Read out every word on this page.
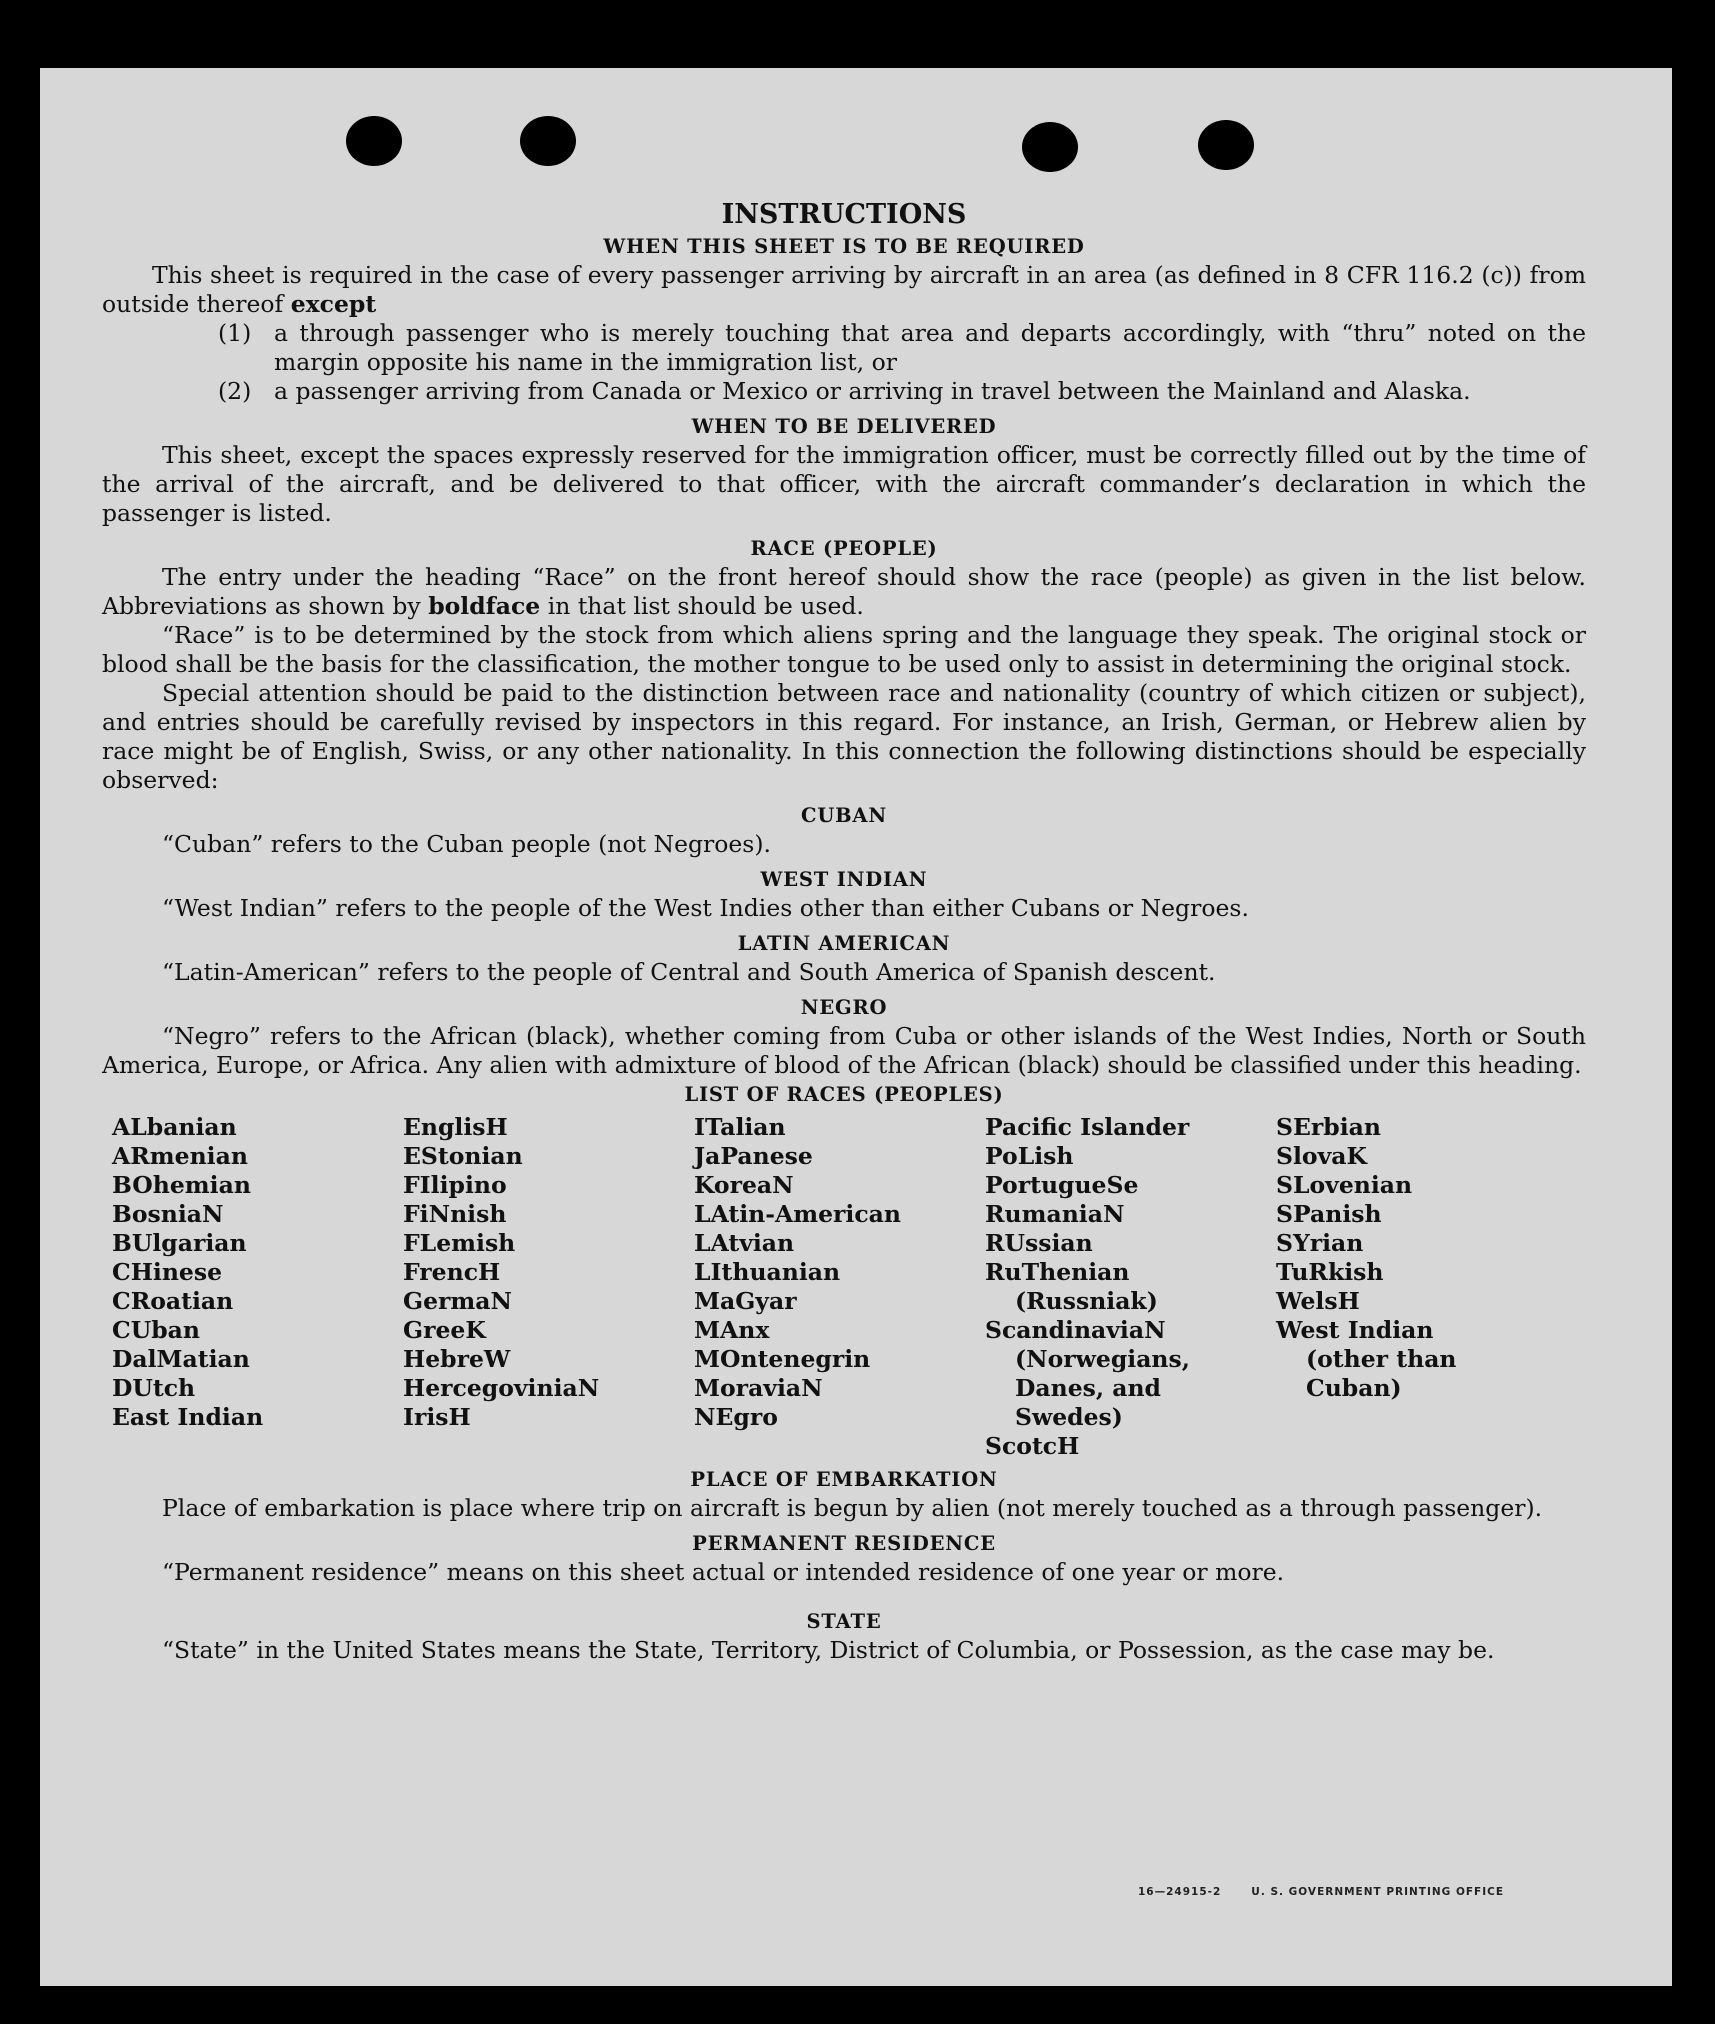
INSTRUCTIONS
WHEN THIS SHEET IS TO BE REQUIRED

This sheet is required in the case of every passenger arriving by aircraft in an area (as defined in 8 CFR 116.2 (c)) from outside thereof except

(1) a through passenger who is merely touching that area and departs accordingly, with “thru” noted on the margin opposite his name in the immigration list, or
(2) a passenger arriving from Canada or Mexico or arriving in travel between the Mainland and Alaska.
WHEN TO BE DELIVERED

This sheet, except the spaces expressly reserved for the immigration officer, must be correctly filled out by the time of the arrival of the aircraft, and be delivered to that officer, with the aircraft commander’s declaration in which the passenger is listed.

RACE (PEOPLE)

The entry under the heading “Race” on the front hereof should show the race (people) as given in the list below. Abbreviations as shown by boldface in that list should be used.

“Race” is to be determined by the stock from which aliens spring and the language they speak. The original stock or blood shall be the basis for the classification, the mother tongue to be used only to assist in determining the original stock.

Special attention should be paid to the distinction between race and nationality (country of which citizen or subject), and entries should be carefully revised by inspectors in this regard. For instance, an Irish, German, or Hebrew alien by race might be of English, Swiss, or any other nationality. In this connection the following distinctions should be especially observed:

CUBAN

“Cuban” refers to the Cuban people (not Negroes).

WEST INDIAN

“West Indian” refers to the people of the West Indies other than either Cubans or Negroes.

LATIN AMERICAN

“Latin-American” refers to the people of Central and South America of Spanish descent.

NEGRO

“Negro” refers to the African (black), whether coming from Cuba or other islands of the West Indies, North or South America, Europe, or Africa. Any alien with admixture of blood of the African (black) should be classified under this heading.

LIST OF RACES (PEOPLES)
ALbanian
ARmenian
BOhemian
BosniaN
BUlgarian
CHinese
CRoatian
CUban
DalMatian
DUtch
East Indian
EnglisH
EStonian
FIlipino
FiNnish
FLemish
FrencH
GermaN
GreeK
HebreW
HercegoviniaN
IrisH
ITalian
JaPanese
KoreaN
LAtin-American
LAtvian
LIthuanian
MaGyar
MAnx
MOntenegrin
MoraviaN
NEgro
Pacific Islander
PoLish
PortugueSe
RumaniaN
RUssian
RuThenian (Russniak)
ScandinaviaN (Norwegians, Danes, and Swedes)
ScotcH
SErbian
SlovaK
SLovenian
SPanish
SYrian
TuRkish
WelsH
West Indian (other than Cuban)
PLACE OF EMBARKATION

Place of embarkation is place where trip on aircraft is begun by alien (not merely touched as a through passenger).

PERMANENT RESIDENCE

“Permanent residence” means on this sheet actual or intended residence of one year or more.

STATE

“State” in the United States means the State, Territory, District of Columbia, or Possession, as the case may be.

16—24915-2	U. S. GOVERNMENT PRINTING OFFICE
